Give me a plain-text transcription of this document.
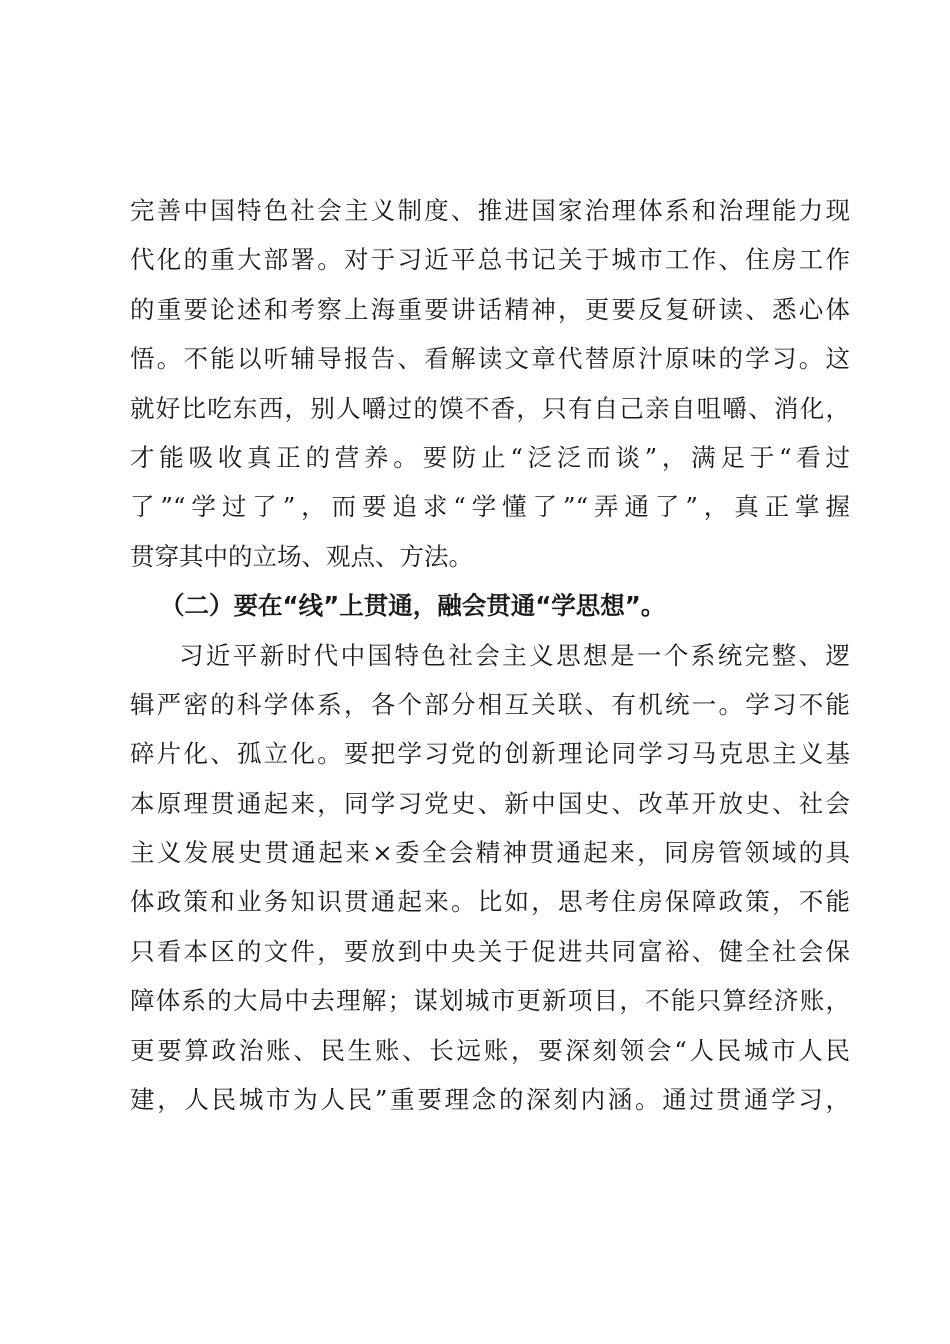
完善中国特色社会主义制度、推进国家治理体系和治理能力现
代化的重大部署。对于习近平总书记关于城市工作、住房工作
的重要论述和考察上海重要讲话精神，更要反复研读、悉心体
悟。不能以听辅导报告、看解读文章代替原汁原味的学习。这
就好比吃东西，别人嚼过的馍不香，只有自己亲自咀嚼、消化，
才能吸收真正的营养。要防止“泛泛而谈”，满足于“看过
了”“学过了”，而要追求“学懂了”“弄通了”，真正掌握
贯穿其中的立场、观点、方法。
（二）要在“线”上贯通，融会贯通“学思想”。
习近平新时代中国特色社会主义思想是一个系统完整、逻
辑严密的科学体系，各个部分相互关联、有机统一。学习不能
碎片化、孤立化。要把学习党的创新理论同学习马克思主义基
本原理贯通起来，同学习党史、新中国史、改革开放史、社会
主义发展史贯通起来×委全会精神贯通起来，同房管领域的具
体政策和业务知识贯通起来。比如，思考住房保障政策，不能
只看本区的文件，要放到中央关于促进共同富裕、健全社会保
障体系的大局中去理解；谋划城市更新项目，不能只算经济账，
更要算政治账、民生账、长远账，要深刻领会“人民城市人民
建，人民城市为人民”重要理念的深刻内涵。通过贯通学习，
